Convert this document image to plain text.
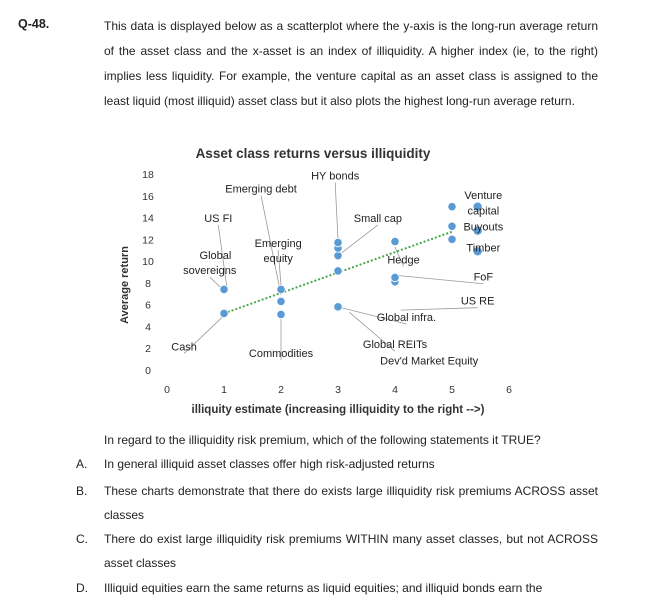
Q-48.	This data is displayed below as a scatterplot where the y-axis is the long-run average return of the asset class and the x-asset is an index of illiquidity. A higher index (ie, to the right) implies less liquidity. For example, the venture capital as an asset class is assigned to the least liquid (most illiquid) asset class but it also plots the highest long-run average return.
Asset class returns versus illiquidity
Average return
illiquity estimate (increasing illiquidity to the right -->)
0
2
4
6
8
10
12
14
16
18
0	1	2	3	4	5	6
HY bonds
Emerging debt
Venture
capital
US FI	Small cap
Buyouts
Emerging
equity
Timber
Global	Hedge
sovereigns
FoF
US RE
Global infra.
Cash
Commodities
Global REITs
Dev'd Market Equity
In regard to the illiquidity risk premium, which of the following statements it TRUE?
A. In general illiquid asset classes offer high risk-adjusted returns
B. These charts demonstrate that there do exists large illiquidity risk premiums ACROSS asset classes
C. There do exist large illiquidity risk premiums WITHIN many asset classes, but not ACROSS asset classes
D. Illiquid equities earn the same returns as liquid equities; and illiquid bonds earn the
